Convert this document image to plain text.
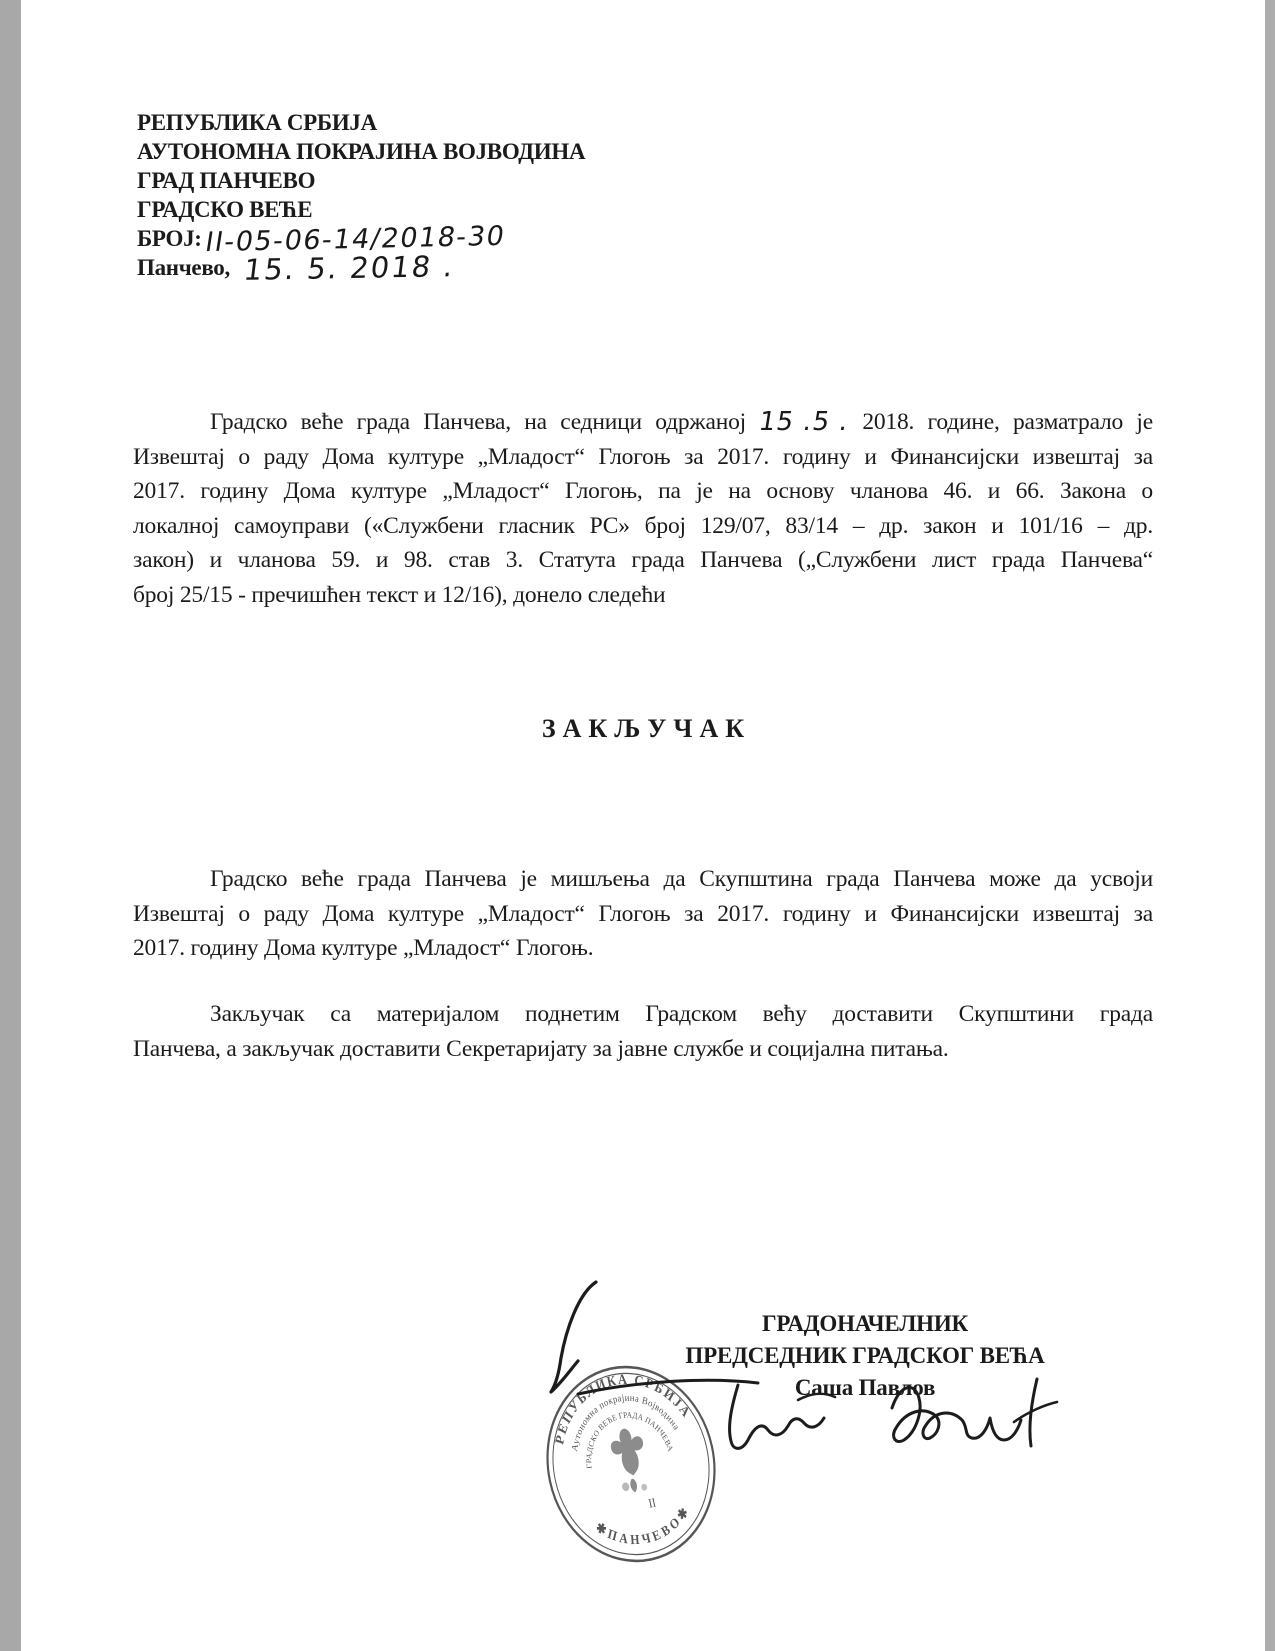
РЕПУБЛИКА СРБИЈА
АУТОНОМНА ПОКРАЈИНА ВОЈВОДИНА
ГРАД ПАНЧЕВО
ГРАДСКО ВЕЋЕ
БРОЈ:II-05-06-14/2018-30
Панчево, 15. 5. 2018 .
Градско веће града Панчева, на седници одржаној 15 .5 . 2018. године, разматрало је
Извештај о раду Дома културе „Младост“ Глогоњ за 2017. годину и Финансијски извештај за
2017. годину Дома културе „Младост“ Глогоњ, па је на основу чланова 46. и 66. Закона о
локалној самоуправи («Службени гласник РС» број 129/07, 83/14 – др. закон и 101/16 – др.
закон) и чланова 59. и 98. став 3. Статута града Панчева („Службени лист града Панчева“
број 25/15 - пречишћен текст и 12/16), донело следећи
ЗАКЉУЧАК
Градско веће града Панчева је мишљења да Скупштина града Панчева може да усвоји
Извештај о раду Дома културе „Младост“ Глогоњ за 2017. годину и Финансијски извештај за
2017. годину Дома културе „Младост“ Глогоњ.
Закључак са материјалом поднетим Градском већу доставити Скупштини града
Панчева, а закључак доставити Секретаријату за јавне службе и социјална питања.
ГРАДОНАЧЕЛНИК
ПРЕДСЕДНИК ГРАДСКОГ ВЕЋА
Саша Павлов
РЕПУБЛИКА СРБИЈА
Аутономна покрајина Војводина
ГРАДСКО ВЕЋЕ ГРАДА ПАНЧЕВА
✱ПАНЧЕВО✱
II
